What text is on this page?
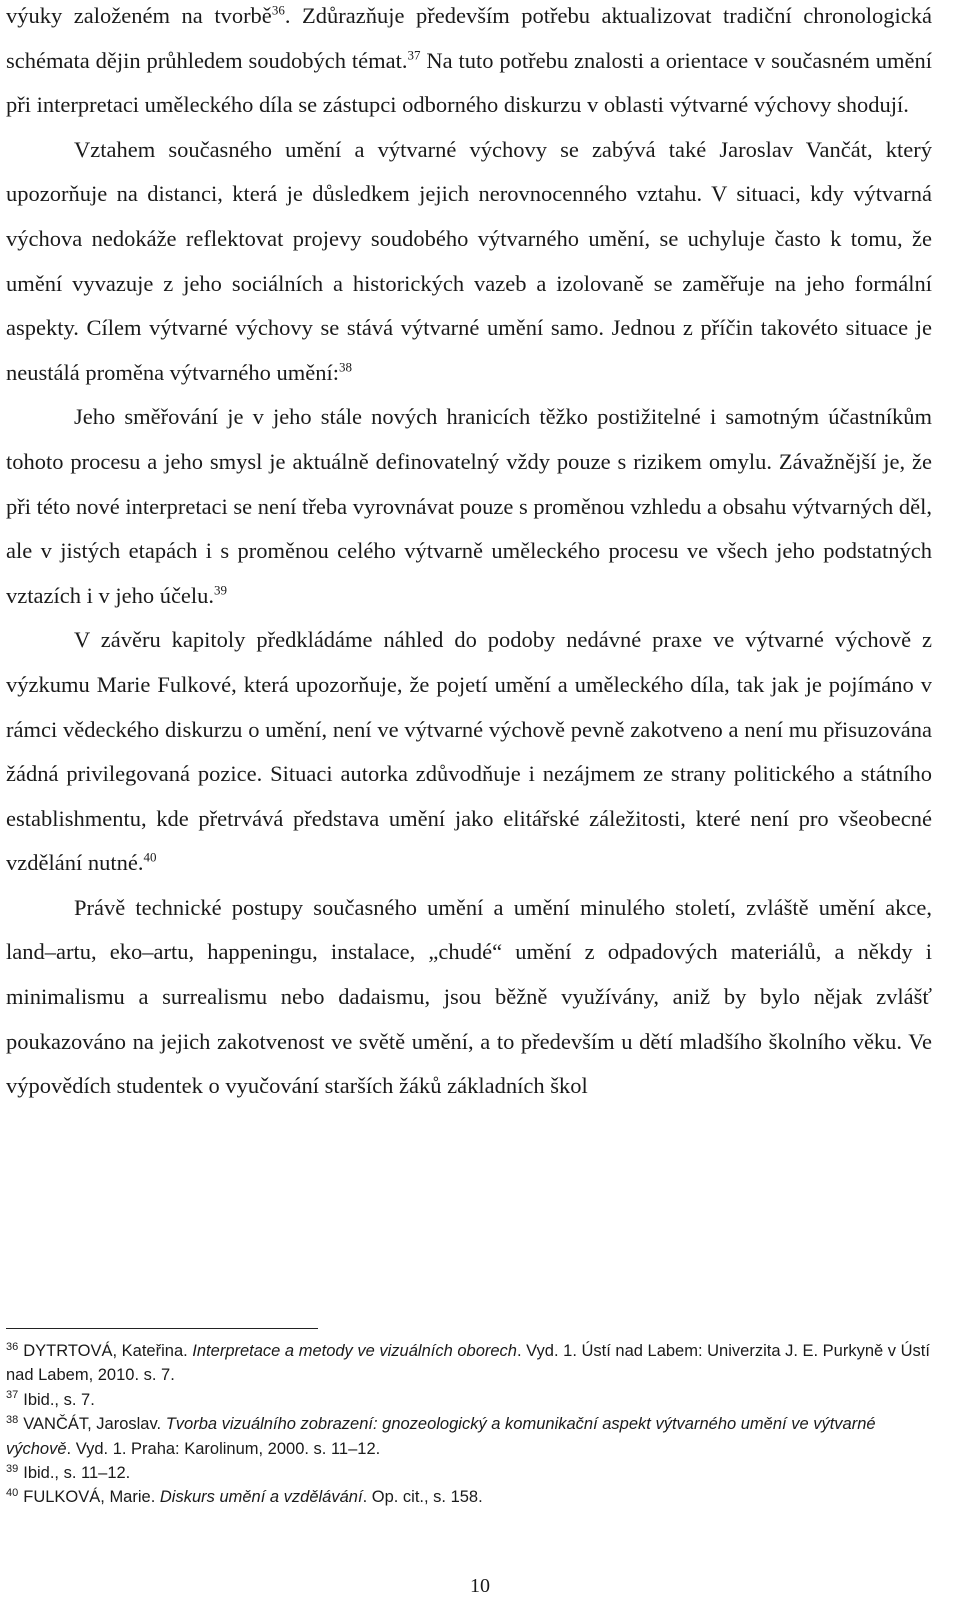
výuky založeném na tvorbě$^{36}$. Zdůrazňuje především potřebu aktualizovat tradiční chronologická schémata dějin průhledem soudobých témat.$^{37}$ Na tuto potřebu znalosti a orientace v současném umění při interpretaci uměleckého díla se zástupci odborného diskurzu v oblasti výtvarné výchovy shodují.

Vztahem současného umění a výtvarné výchovy se zabývá také Jaroslav Vančát, který upozorňuje na distanci, která je důsledkem jejich nerovnocenného vztahu. V situaci, kdy výtvarná výchova nedokáže reflektovat projevy soudobého výtvarného umění, se uchyluje často k tomu, že umění vyvazuje z jeho sociálních a historických vazeb a izolovaně se zaměřuje na jeho formální aspekty. Cílem výtvarné výchovy se stává výtvarné umění samo. Jednou z příčin takovéto situace je neustálá proměna výtvarného umění:$^{38}$

Jeho směřování je v jeho stále nových hranicích těžko postižitelné i samotným účastníkům tohoto procesu a jeho smysl je aktuálně definovatelný vždy pouze s rizikem omylu. Závažnější je, že při této nové interpretaci se není třeba vyrovnávat pouze s proměnou vzhledu a obsahu výtvarných děl, ale v jistých etapách i s proměnou celého výtvarně uměleckého procesu ve všech jeho podstatných vztazích i v jeho účelu.$^{39}$

V závěru kapitoly předkládáme náhled do podoby nedávné praxe ve výtvarné výchově z výzkumu Marie Fulkové, která upozorňuje, že pojetí umění a uměleckého díla, tak jak je pojímáno v rámci vědeckého diskurzu o umění, není ve výtvarné výchově pevně zakotveno a není mu přisuzována žádná privilegovaná pozice. Situaci autorka zdůvodňuje i nezájmem ze strany politického a státního establishmentu, kde přetrvává představa umění jako elitářské záležitosti, které není pro všeobecné vzdělání nutné.$^{40}$

Právě technické postupy současného umění a umění minulého století, zvláště umění akce, land–artu, eko–artu, happeningu, instalace, „chudé“ umění z odpadových materiálů, a někdy i minimalismu a surrealismu nebo dadaismu, jsou běžně využívány, aniž by bylo nějak zvlášť poukazováno na jejich zakotvenost ve světě umění, a to především u dětí mladšího školního věku. Ve výpovědích studentek o vyučování starších žáků základních škol

$^{36}$ DYTRTOVÁ, Kateřina. Interpretace a metody ve vizuálních oborech. Vyd. 1. Ústí nad Labem: Univerzita J. E. Purkyně v Ústí nad Labem, 2010. s. 7.

$^{37}$ Ibid., s. 7.

$^{38}$ VANČÁT, Jaroslav. Tvorba vizuálního zobrazení: gnozeologický a komunikační aspekt výtvarného umění ve výtvarné výchově. Vyd. 1. Praha: Karolinum, 2000. s. 11–12.

$^{39}$ Ibid., s. 11–12.

$^{40}$ FULKOVÁ, Marie. Diskurs umění a vzdělávání. Op. cit., s. 158.

10
